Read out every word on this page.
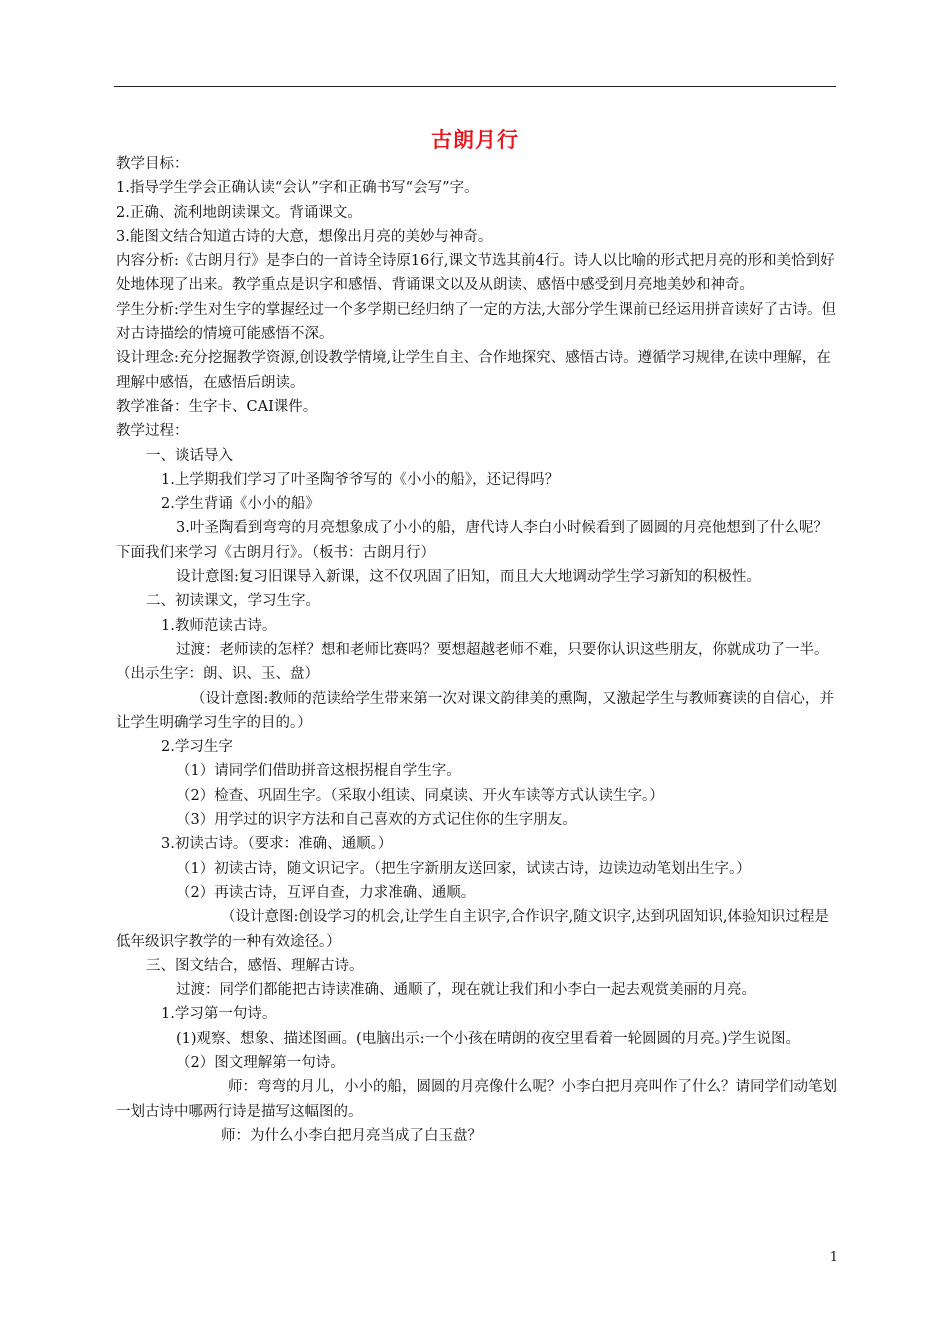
古朗月行

教学目标：

1.指导学生学会正确认读“会认”字和正确书写“会写”字。

2.正确、流利地朗读课文。背诵课文。

3.能图文结合知道古诗的大意，想像出月亮的美妙与神奇。

内容分析:《古朗月行》是李白的一首诗全诗原16行,课文节选其前4行。诗人以比喻的形式把月亮的形和美恰到好处地体现了出来。教学重点是识字和感悟、背诵课文以及从朗读、感悟中感受到月亮地美妙和神奇。

学生分析:学生对生字的掌握经过一个多学期已经归纳了一定的方法,大部分学生课前已经运用拼音读好了古诗。但对古诗描绘的情境可能感悟不深。

设计理念:充分挖掘教学资源,创设教学情境,让学生自主、合作地探究、感悟古诗。遵循学习规律,在读中理解，在理解中感悟，在感悟后朗读。

教学准备：生字卡、CAI课件。

教学过程：

一、谈话导入

1.上学期我们学习了叶圣陶爷爷写的《小小的船》，还记得吗？

2.学生背诵《小小的船》

3.叶圣陶看到弯弯的月亮想象成了小小的船，唐代诗人李白小时候看到了圆圆的月亮他想到了什么呢？下面我们来学习《古朗月行》。（板书：古朗月行）

设计意图:复习旧课导入新课，这不仅巩固了旧知，而且大大地调动学生学习新知的积极性。

二、初读课文，学习生字。

1.教师范读古诗。

过渡：老师读的怎样？想和老师比赛吗？要想超越老师不难，只要你认识这些朋友，你就成功了一半。（出示生字：朗、识、玉、盘）

（设计意图:教师的范读给学生带来第一次对课文韵律美的熏陶，又激起学生与教师赛读的自信心，并让学生明确学习生字的目的。）

2.学习生字

（1）请同学们借助拼音这根拐棍自学生字。

（2）检查、巩固生字。（采取小组读、同桌读、开火车读等方式认读生字。）

（3）用学过的识字方法和自己喜欢的方式记住你的生字朋友。

3.初读古诗。（要求：准确、通顺。）

（1）初读古诗，随文识记字。（把生字新朋友送回家，试读古诗，边读边动笔划出生字。）

（2）再读古诗，互评自查，力求准确、通顺。

（设计意图:创设学习的机会,让学生自主识字,合作识字,随文识字,达到巩固知识,体验知识过程是低年级识字教学的一种有效途径。）

三、图文结合，感悟、理解古诗。

过渡：同学们都能把古诗读准确、通顺了，现在就让我们和小李白一起去观赏美丽的月亮。

1.学习第一句诗。

(1)观察、想象、描述图画。(电脑出示:一个小孩在晴朗的夜空里看着一轮圆圆的月亮。)学生说图。

（2）图文理解第一句诗。

师：弯弯的月儿，小小的船，圆圆的月亮像什么呢？小李白把月亮叫作了什么？请同学们动笔划一划古诗中哪两行诗是描写这幅图的。

师：为什么小李白把月亮当成了白玉盘？

1
